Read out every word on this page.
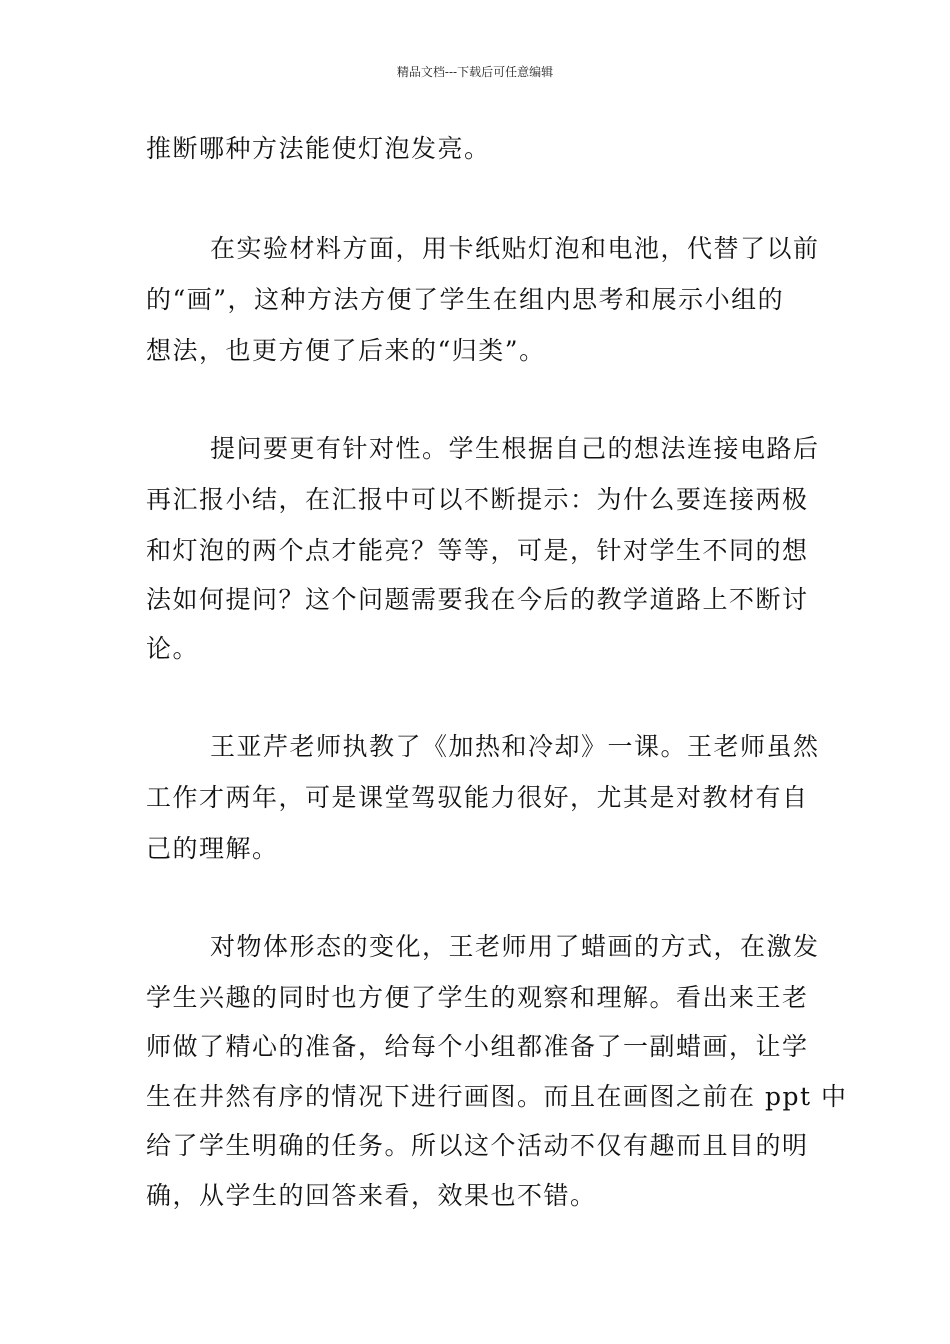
精品文档---下载后可任意编辑
推断哪种方法能使灯泡发亮。
在实验材料方面，用卡纸贴灯泡和电池，代替了以前
的“画”，这种方法方便了学生在组内思考和展示小组的
想法，也更方便了后来的“归类”。
提问要更有针对性。学生根据自己的想法连接电路后
再汇报小结，在汇报中可以不断提示：为什么要连接两极
和灯泡的两个点才能亮？等等，可是，针对学生不同的想
法如何提问？这个问题需要我在今后的教学道路上不断讨
论。
王亚芹老师执教了《加热和冷却》一课。王老师虽然
工作才两年，可是课堂驾驭能力很好，尤其是对教材有自
己的理解。
对物体形态的变化，王老师用了蜡画的方式，在激发
学生兴趣的同时也方便了学生的观察和理解。看出来王老
师做了精心的准备，给每个小组都准备了一副蜡画，让学
生在井然有序的情况下进行画图。而且在画图之前在 ppt 中
给了学生明确的任务。所以这个活动不仅有趣而且目的明
确，从学生的回答来看，效果也不错。
